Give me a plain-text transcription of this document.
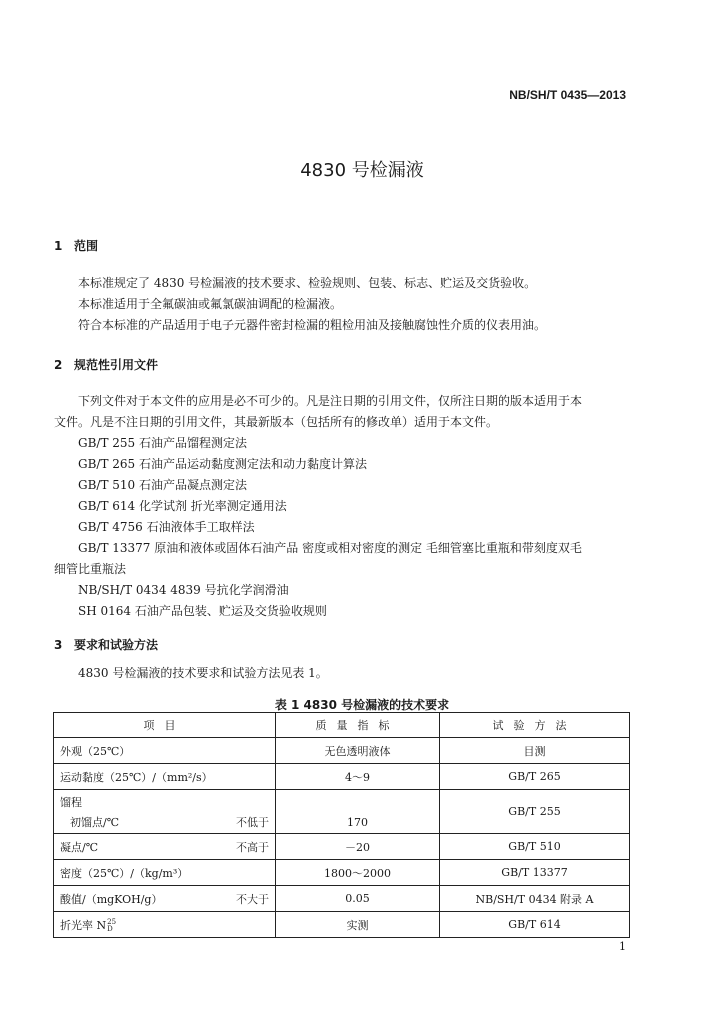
NB/SH/T 0435—2013
4830 号检漏液
1 范围
本标准规定了 4830 号检漏液的技术要求、检验规则、包装、标志、贮运及交货验收。
本标准适用于全氟碳油或氟氯碳油调配的检漏液。
符合本标准的产品适用于电子元器件密封检漏的粗检用油及接触腐蚀性介质的仪表用油。
2 规范性引用文件
下列文件对于本文件的应用是必不可少的。凡是注日期的引用文件，仅所注日期的版本适用于本
文件。凡是不注日期的引用文件，其最新版本（包括所有的修改单）适用于本文件。
GB/T 255 石油产品馏程测定法
GB/T 265 石油产品运动黏度测定法和动力黏度计算法
GB/T 510 石油产品凝点测定法
GB/T 614 化学试剂 折光率测定通用法
GB/T 4756 石油液体手工取样法
GB/T 13377 原油和液体或固体石油产品 密度或相对密度的测定 毛细管塞比重瓶和带刻度双毛
细管比重瓶法
NB/SH/T 0434 4839 号抗化学润滑油
SH 0164 石油产品包装、贮运及交货验收规则
3 要求和试验方法
4830 号检漏液的技术要求和试验方法见表 1。
表 1 4830 号检漏液的技术要求
项目	质量指标	试验方法
外观（25℃）	无色透明液体	目测
运动黏度（25℃）/（mm²/s）	4～9	GB/T 265

馏程
初馏点/℃ 不低于	170	GB/T 255
凝点/℃ 不高于	－20	GB/T 510
密度（25℃）/（kg/m³）	1800～2000	GB/T 13377
酸值/（mgKOH/g） 不大于	0.05	NB/SH/T 0434 附录 A
折光率 N 25
D	实测	GB/T 614
1
